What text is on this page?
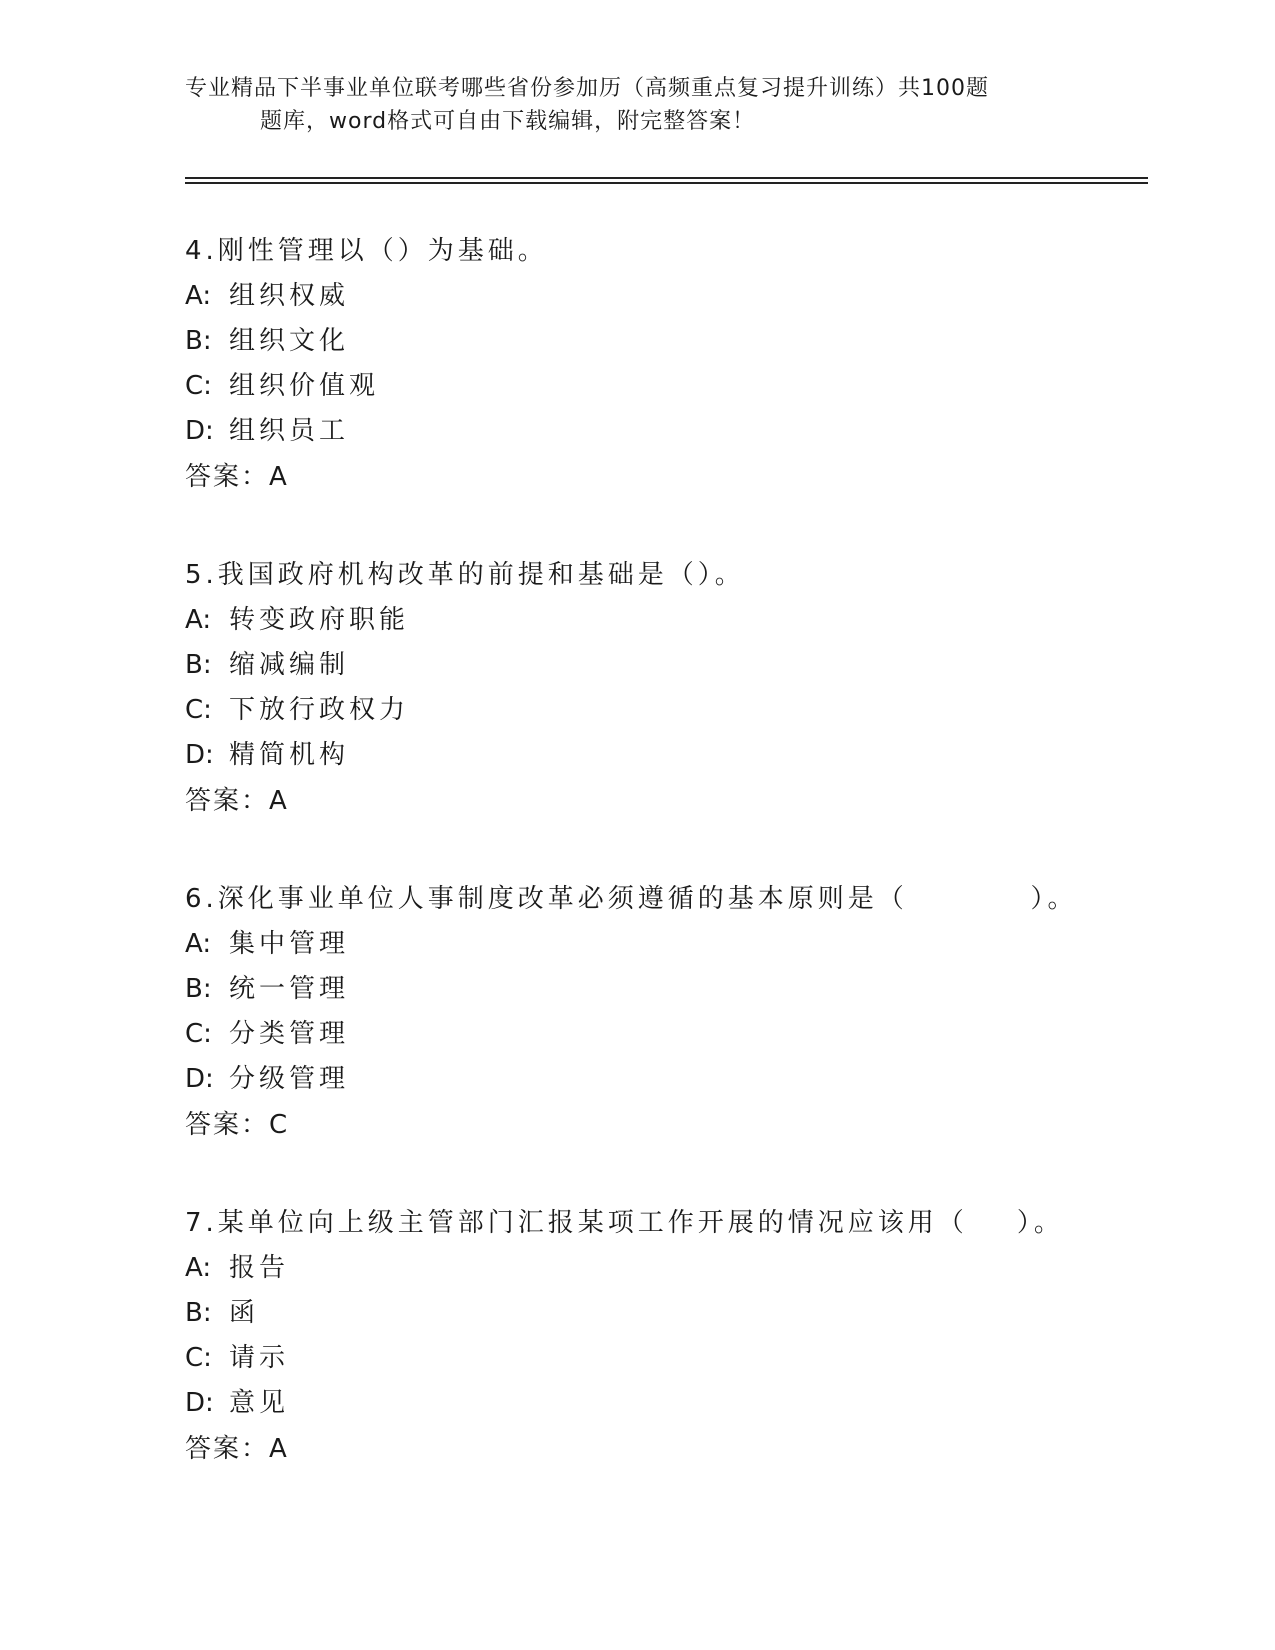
专业精品下半事业单位联考哪些省份参加历（高频重点复习提升训练）共100题
题库，word格式可自由下载编辑，附完整答案！
4.刚性管理以（）为基础。
A: 组织权威
B: 组织文化
C: 组织价值观
D: 组织员工
答案：A
5.我国政府机构改革的前提和基础是（）。
A: 转变政府职能
B: 缩减编制
C: 下放行政权力
D: 精简机构
答案：A
6.深化事业单位人事制度改革必须遵循的基本原则是（          ）。
A: 集中管理
B: 统一管理
C: 分类管理
D: 分级管理
答案：C
7.某单位向上级主管部门汇报某项工作开展的情况应该用（    ）。
A: 报告
B: 函
C: 请示
D: 意见
答案：A
